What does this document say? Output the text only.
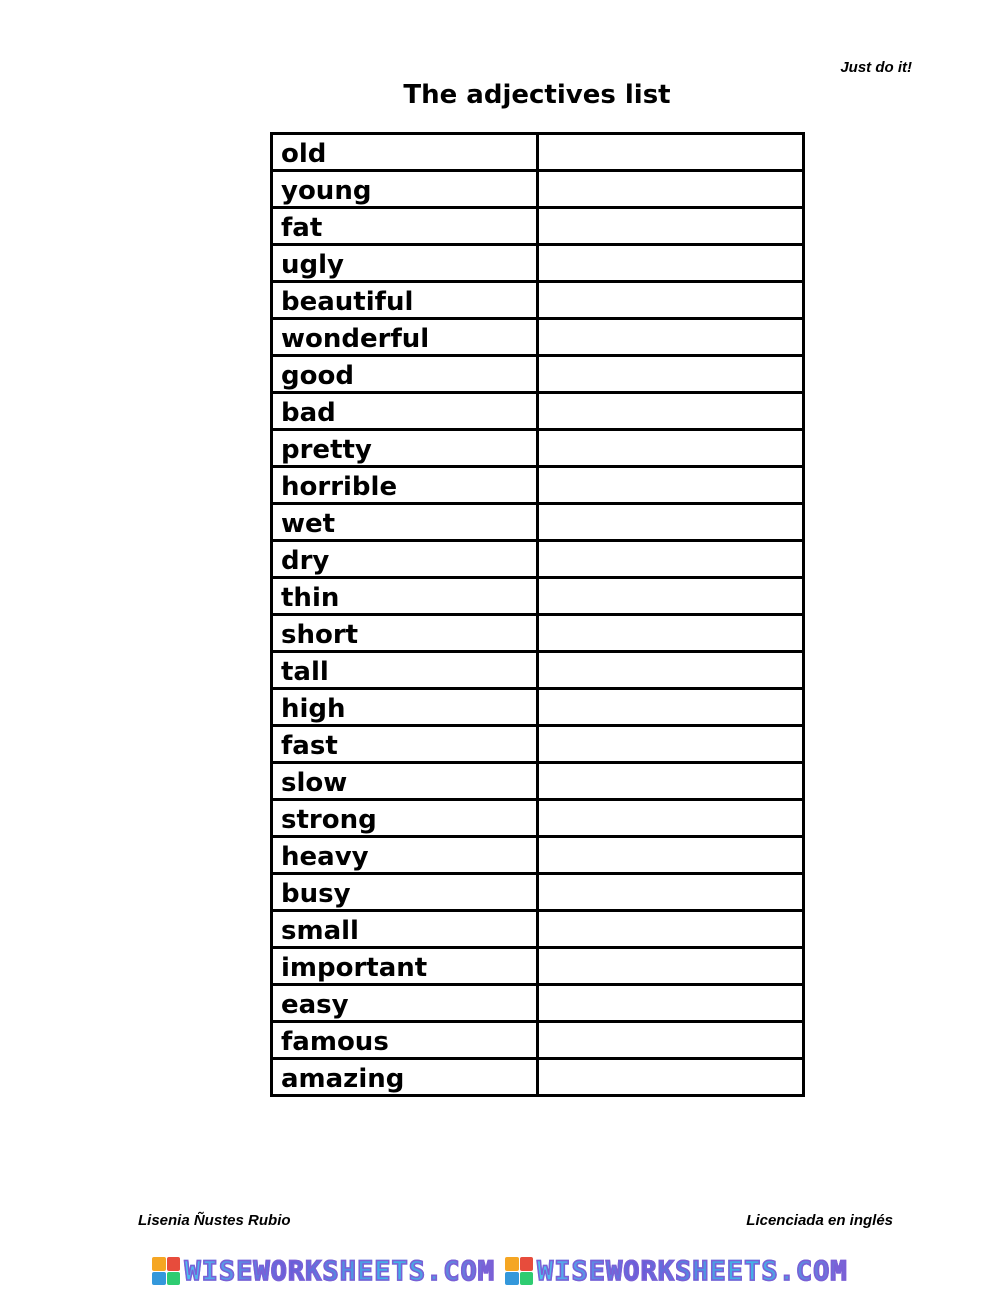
Just do it!
The adjectives list
old	
young	
fat	
ugly	
beautiful	
wonderful	
good	
bad	
pretty	
horrible	
wet	
dry	
thin	
short	
tall	
high	
fast	
slow	
strong	
heavy	
busy	
small	
important	
easy	
famous	
amazing	
Lisenia Ñustes Rubio	Licenciada en inglés
WISEWORKSHEETS.COM WISEWORKSHEETS.COM
